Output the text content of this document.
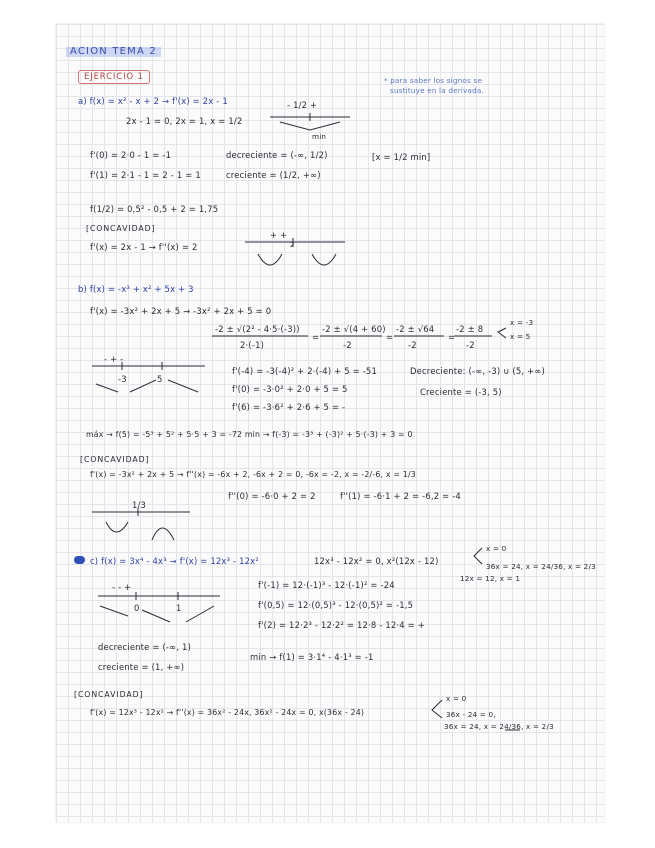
ACION TEMA 2
EJERCICIO 1	* para saber los signos se
sustituye en la derivada.
a) f(x) = x² - x + 2 → f'(x) = 2x - 1	- 1/2 +
2x - 1 = 0, 2x = 1, x = 1/2
min
f'(0) = 2·0 - 1 = -1	decreciente = (-∞, 1/2)	[x = 1/2 min]
f'(1) = 2·1 - 1 = 2 - 1 = 1	creciente = (1/2, +∞)
f(1/2) = 0,5² - 0,5 + 2 = 1,75
[CONCAVIDAD]
+ +
f'(x) = 2x - 1 → f''(x) = 2	2
b) f(x) = -x³ + x² + 5x + 3
f'(x) = -3x² + 2x + 5 → -3x² + 2x + 5 = 0
-2 ± √(2² - 4·5·(-3))
2·(-1)
=
-2 ± √(4 + 60)
-2
=
-2 ± √64
-2
=
-2 ± 8
-2
x = -3
x = 5
- + -
-3	5
f'(-4) = -3(-4)² + 2·(-4) + 5 = -51	Decreciente: (-∞, -3) ∪ (5, +∞)
f'(0) = -3·0² + 2·0 + 5 = 5	Creciente = (-3, 5)
f'(6) = -3·6² + 2·6 + 5 = -
máx → f(5) = -5³ + 5² + 5·5 + 3 = -72 min → f(-3) = -3³ + (-3)² + 5·(-3) + 3 = 0
[CONCAVIDAD]
f'(x) = -3x² + 2x + 5 → f''(x) = -6x + 2, -6x + 2 = 0, -6x = -2, x = -2/-6, x = 1/3
1/3
f''(0) = -6·0 + 2 = 2	f''(1) = -6·1 + 2 = -6,2 = -4
c) f(x) = 3x⁴ - 4x³ → f'(x) = 12x³ - 12x²	12x³ - 12x² = 0, x²(12x - 12)
x = 0
36x = 24, x = 24/36, x = 2/3
12x = 12, x = 1
- - +
0	1
f'(-1) = 12·(-1)³ - 12·(-1)² = -24
f'(0,5) = 12·(0,5)³ - 12·(0,5)² = -1,5
f'(2) = 12·2³ - 12·2² = 12·8 - 12·4 = +
decreciente = (-∞, 1)
min → f(1) = 3·1⁴ - 4·1³ = -1
creciente = (1, +∞)
[CONCAVIDAD]
f'(x) = 12x³ - 12x² → f''(x) = 36x² - 24x, 36x² - 24x = 0, x(36x - 24)
x = 0
36x - 24 = 0,
36x = 24, x = 24/36, x = 2/3
